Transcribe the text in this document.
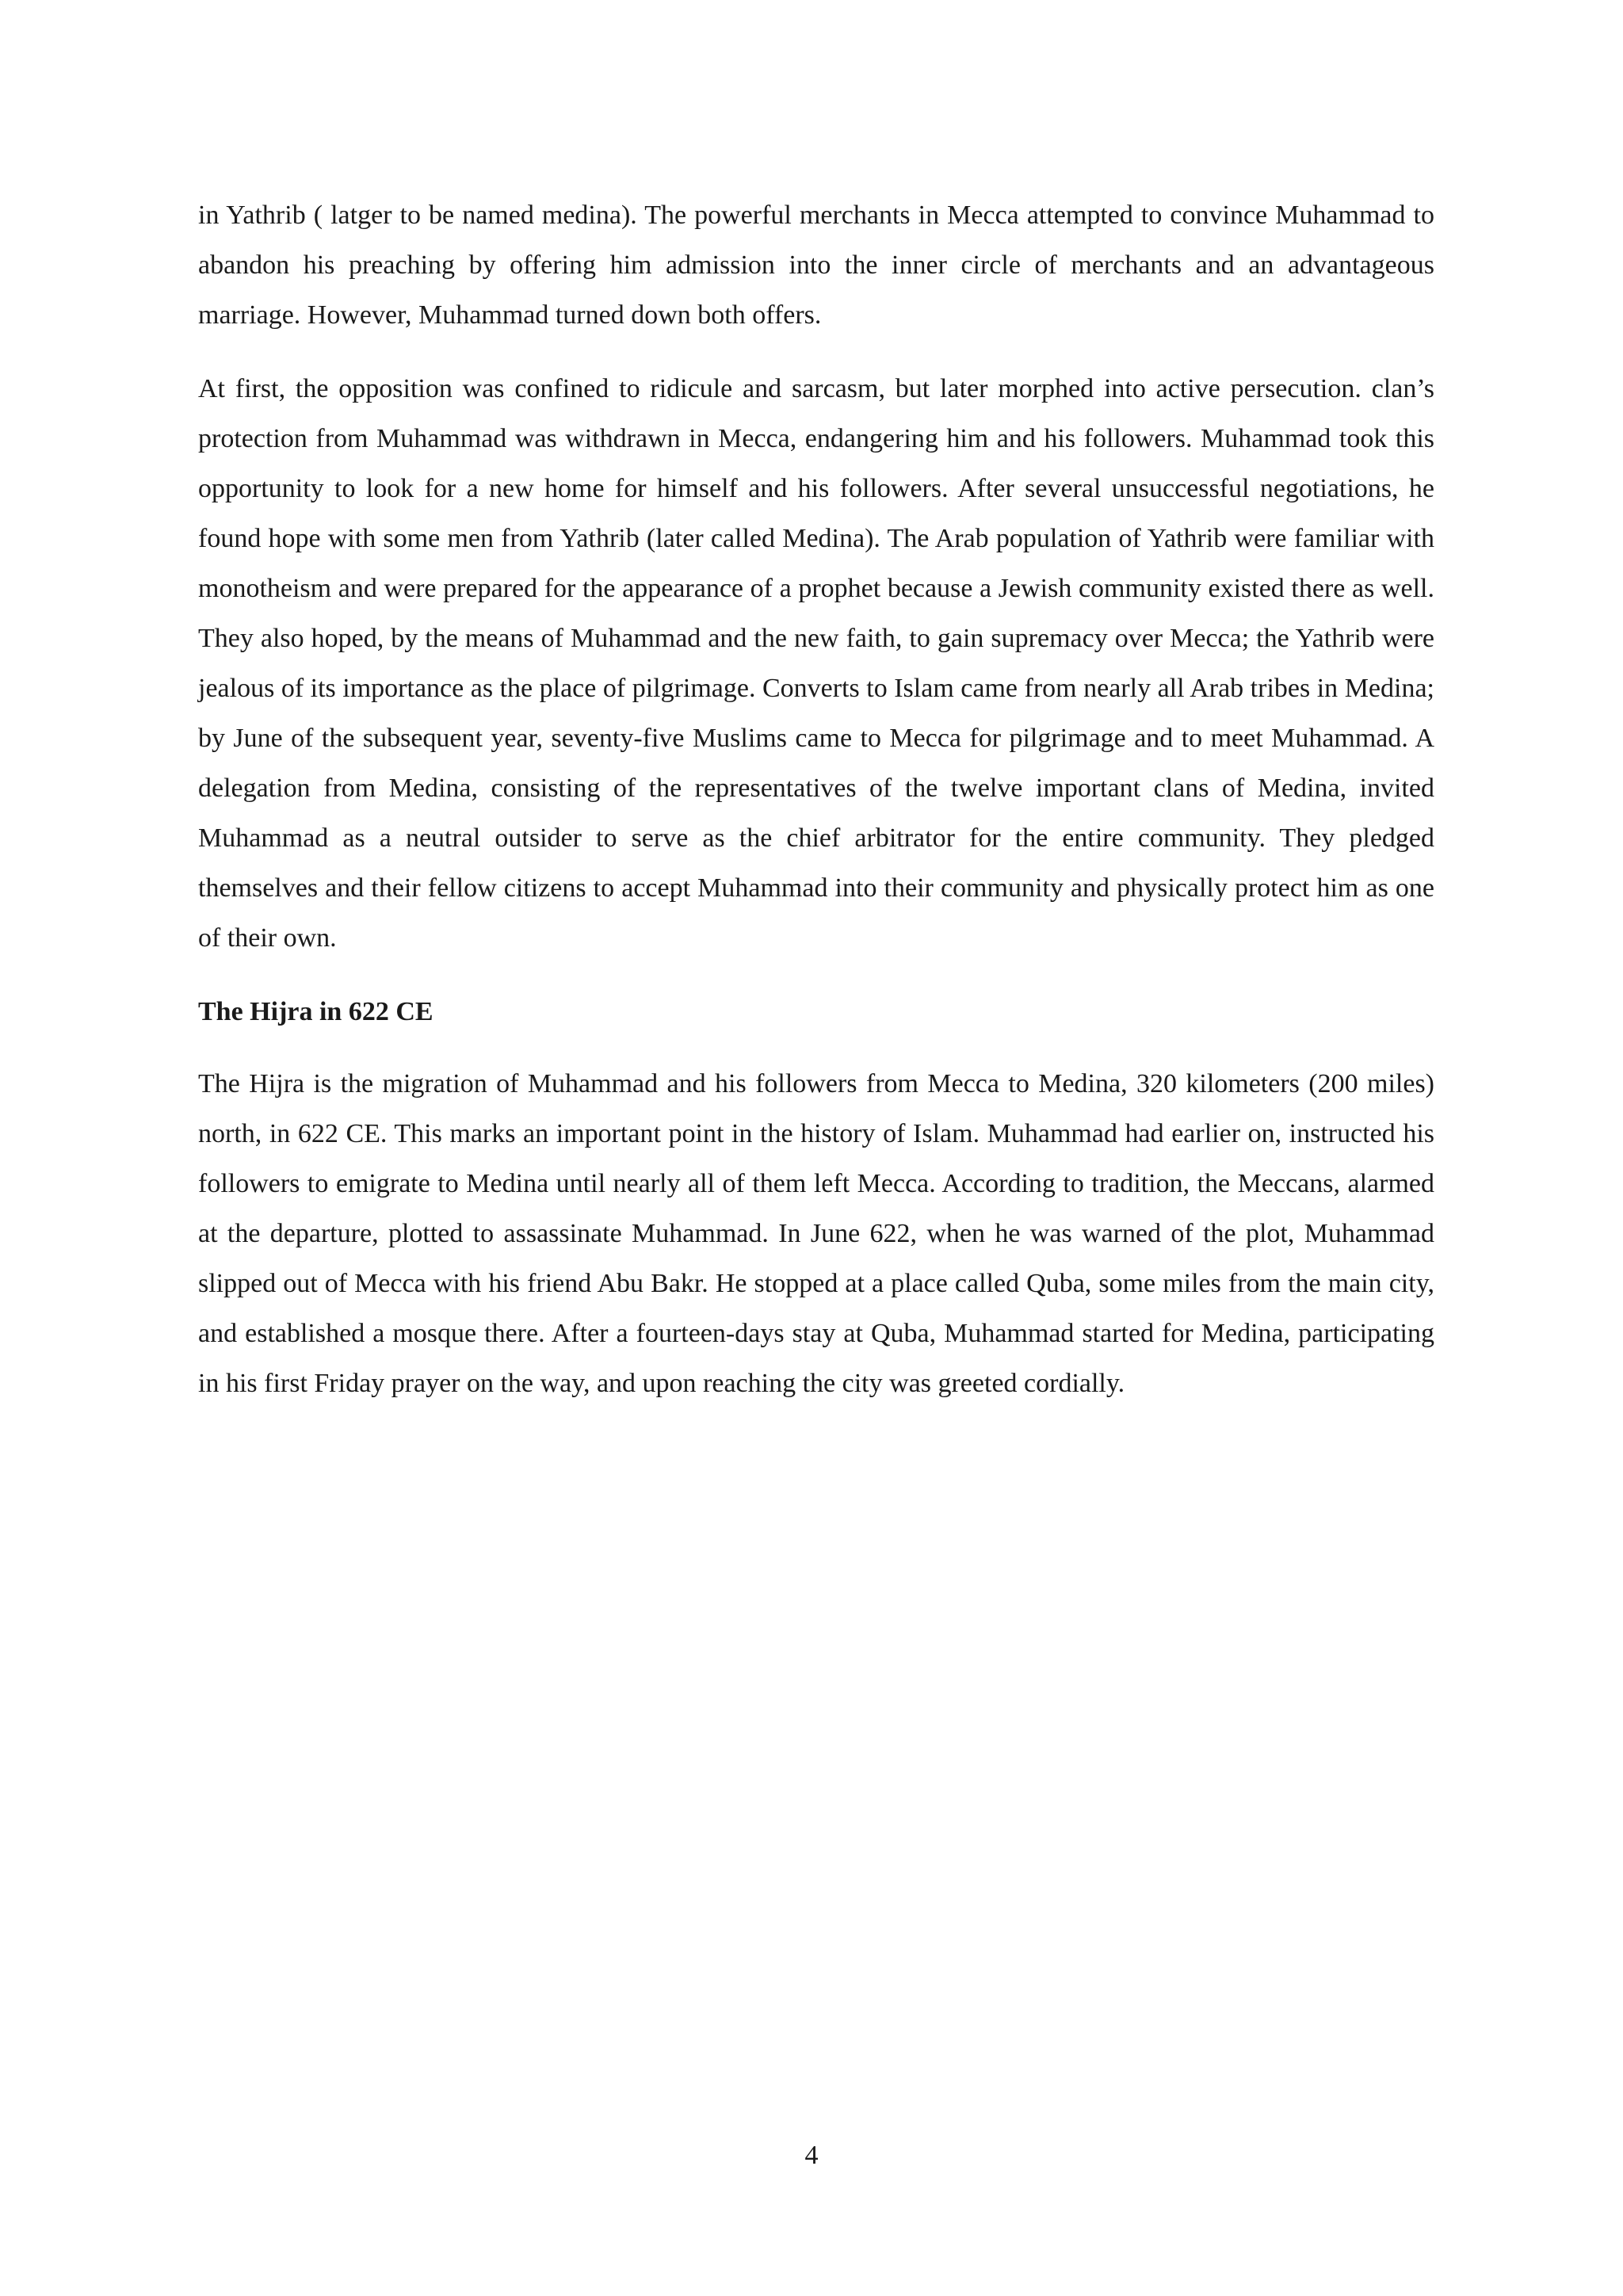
in Yathrib ( latger to be named medina). The powerful merchants in Mecca attempted to convince Muhammad to abandon his preaching by offering him admission into the inner circle of merchants and an advantageous marriage. However, Muhammad turned down both offers.

At first, the opposition was confined to ridicule and sarcasm, but later morphed into active persecution. clan’s protection from Muhammad was withdrawn in Mecca, endangering him and his followers. Muhammad took this opportunity to look for a new home for himself and his followers. After several unsuccessful negotiations, he found hope with some men from Yathrib (later called Medina). The Arab population of Yathrib were familiar with monotheism and were prepared for the appearance of a prophet because a Jewish community existed there as well. They also hoped, by the means of Muhammad and the new faith, to gain supremacy over Mecca; the Yathrib were jealous of its importance as the place of pilgrimage. Converts to Islam came from nearly all Arab tribes in Medina; by June of the subsequent year, seventy-five Muslims came to Mecca for pilgrimage and to meet Muhammad. A delegation from Medina, consisting of the representatives of the twelve important clans of Medina, invited Muhammad as a neutral outsider to serve as the chief arbitrator for the entire community. They pledged themselves and their fellow citizens to accept Muhammad into their community and physically protect him as one of their own.

The Hijra in 622 CE

The Hijra is the migration of Muhammad and his followers from Mecca to Medina, 320 kilometers (200 miles) north, in 622 CE. This marks an important point in the history of Islam. Muhammad had earlier on, instructed his followers to emigrate to Medina until nearly all of them left Mecca. According to tradition, the Meccans, alarmed at the departure, plotted to assassinate Muhammad. In June 622, when he was warned of the plot, Muhammad slipped out of Mecca with his friend Abu Bakr. He stopped at a place called Quba, some miles from the main city, and established a mosque there. After a fourteen-days stay at Quba, Muhammad started for Medina, participating in his first Friday prayer on the way, and upon reaching the city was greeted cordially.

4
